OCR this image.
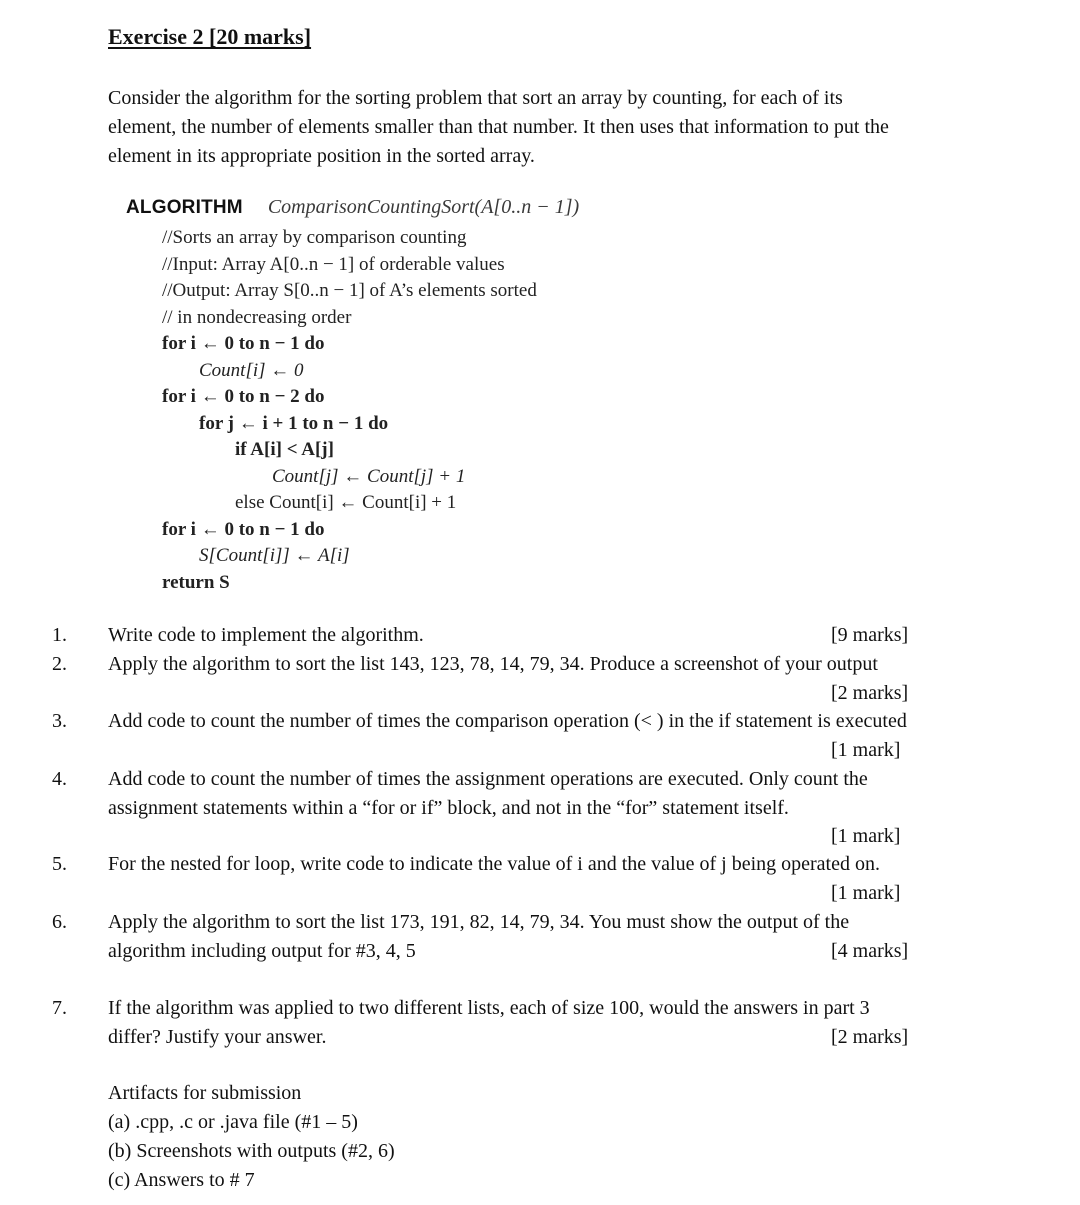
Exercise 2 [20 marks]
Consider the algorithm for the sorting problem that sort an array by counting, for each of its
element, the number of elements smaller than that number. It then uses that information to put the
element in its appropriate position in the sorted array.
ALGORITHM ComparisonCountingSort(A[0..n − 1])
//Sorts an array by comparison counting
//Input: Array A[0..n − 1] of orderable values
//Output: Array S[0..n − 1] of A’s elements sorted
// in nondecreasing order
for i ← 0 to n − 1 do
Count[i] ← 0
for i ← 0 to n − 2 do
for j ← i + 1 to n − 1 do
if A[i] < A[j]
Count[j] ← Count[j] + 1
else Count[i] ← Count[i] + 1
for i ← 0 to n − 1 do
S[Count[i]] ← A[i]
return S
1. Write code to implement the algorithm.	[9 marks]
2. Apply the algorithm to sort the list 143, 123, 78, 14, 79, 34. Produce a screenshot of your output
[2 marks]
3. Add code to count the number of times the comparison operation (< ) in the if statement is executed
[1 mark]
4. Add code to count the number of times the assignment operations are executed. Only count the
assignment statements within a “for or if” block, and not in the “for” statement itself.
[1 mark]
5. For the nested for loop, write code to indicate the value of i and the value of j being operated on.
[1 mark]
6. Apply the algorithm to sort the list 173, 191, 82, 14, 79, 34. You must show the output of the
algorithm including output for #3, 4, 5	[4 marks]
7. If the algorithm was applied to two different lists, each of size 100, would the answers in part 3
differ? Justify your answer.	[2 marks]
Artifacts for submission
(a) .cpp, .c or .java file (#1 – 5)
(b) Screenshots with outputs (#2, 6)
(c) Answers to # 7
